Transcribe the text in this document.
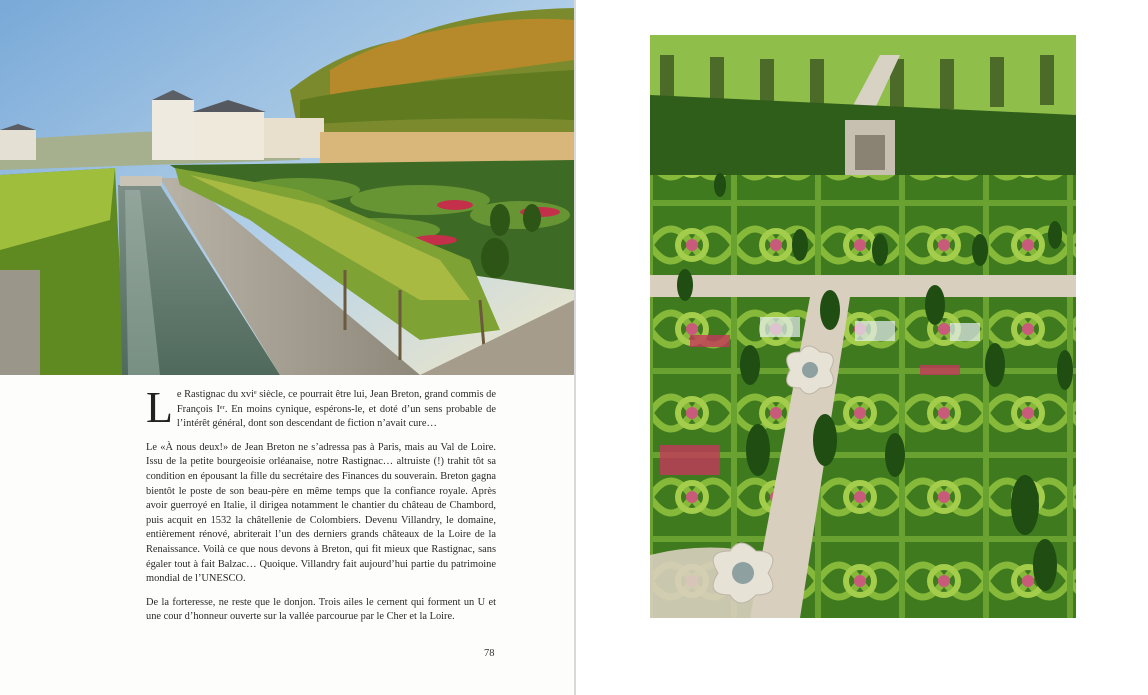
Le Rastignac du xviᵉ siècle, ce pourrait être lui, Jean Breton, grand commis de François Iᵉʳ. En moins cynique, espérons-le, et doté d’un sens probable de l’intérêt général, dont son descendant de fiction n’avait cure…

Le «À nous deux!» de Jean Breton ne s’adressa pas à Paris, mais au Val de Loire. Issu de la petite bourgeoisie orléanaise, notre Rastignac… altruiste (!) trahit tôt sa condition en épousant la fille du secrétaire des Finances du souverain. Breton gagna bientôt le poste de son beau-père en même temps que la confiance royale. Après avoir guerroyé en Italie, il dirigea notamment le chantier du château de Chambord, puis acquit en 1532 la châtellenie de Colombiers. Devenu Villandry, le domaine, entièrement rénové, abriterait l’un des derniers grands châteaux de la Loire de la Renaissance. Voilà ce que nous devons à Breton, qui fit mieux que Rastignac, sans égaler tout à fait Balzac… Quoique. Villandry fait aujourd’hui partie du patrimoine mondial de l’UNESCO.

De la forteresse, ne reste que le donjon. Trois ailes le cernent qui forment un U et une cour d’honneur ouverte sur la vallée parcourue par le Cher et la Loire.

78
